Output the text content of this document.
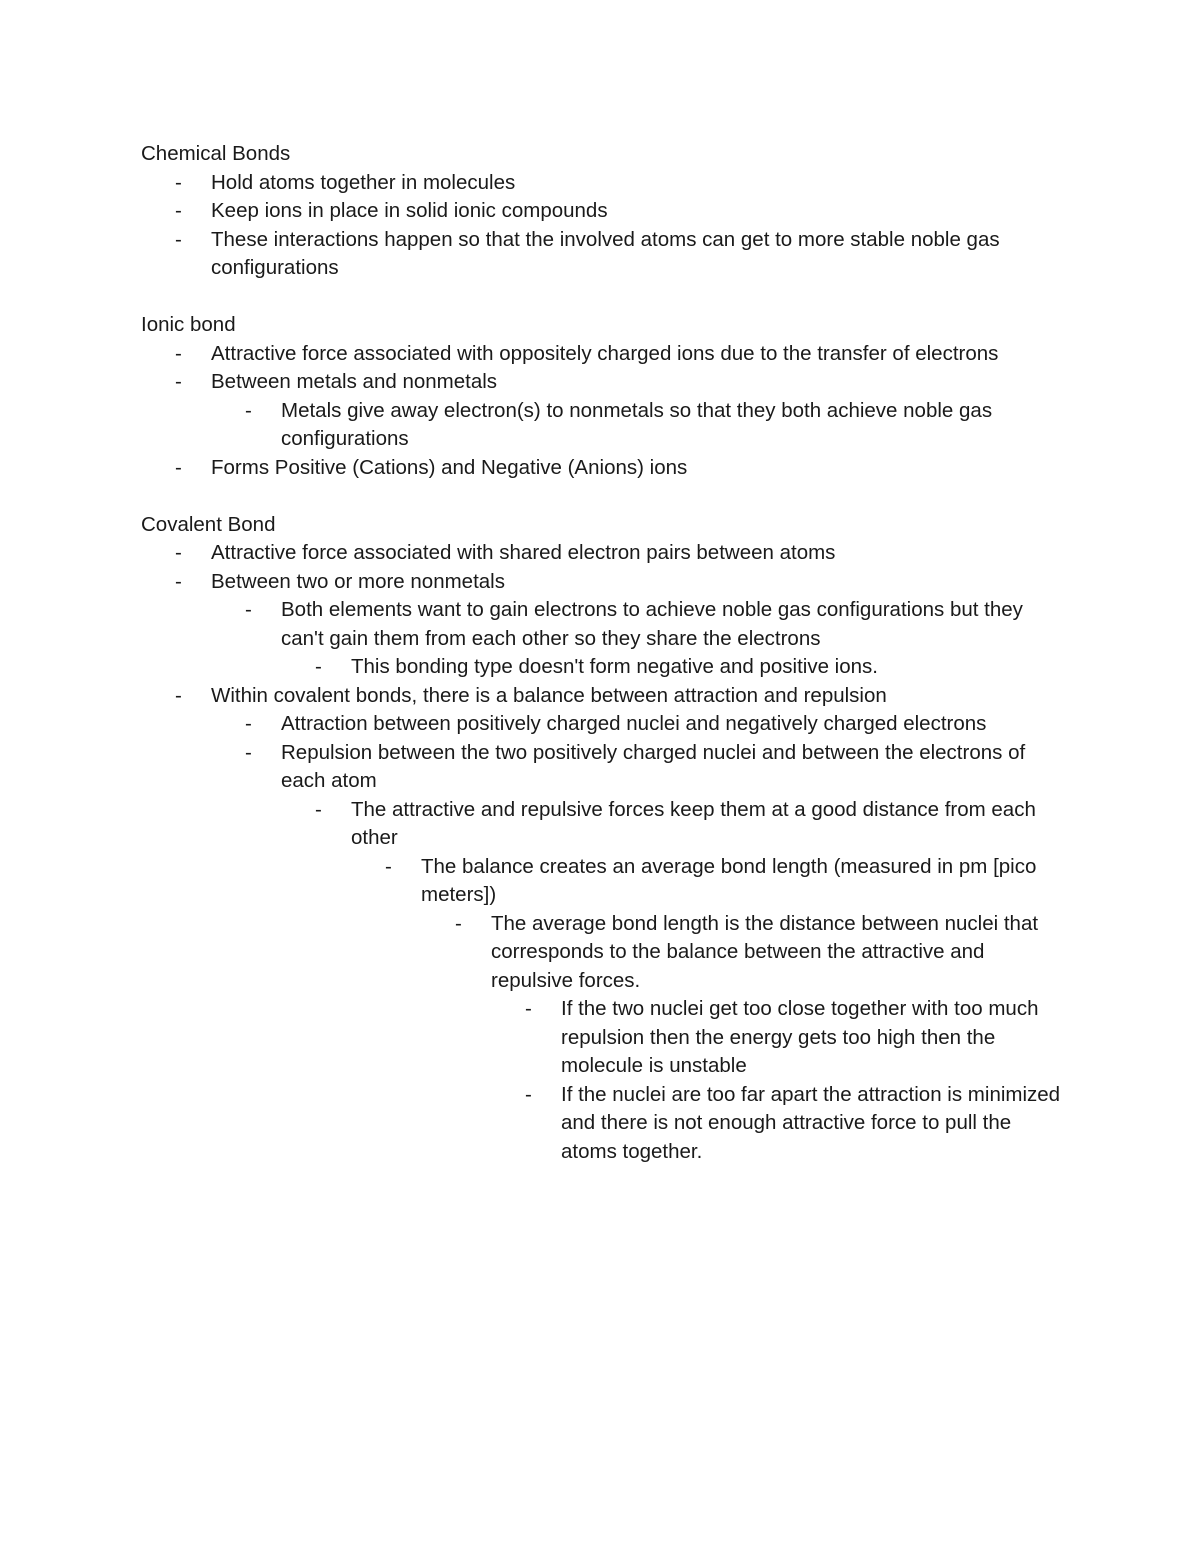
Chemical Bonds
- Hold atoms together in molecules
- Keep ions in place in solid ionic compounds
- These interactions happen so that the involved atoms can get to more stable noble gas configurations
Ionic bond
- Attractive force associated with oppositely charged ions due to the transfer of electrons
- Between metals and nonmetals
- Metals give away electron(s) to nonmetals so that they both achieve noble gas configurations
- Forms Positive (Cations) and Negative (Anions) ions
Covalent Bond
- Attractive force associated with shared electron pairs between atoms
- Between two or more nonmetals
- Both elements want to gain electrons to achieve noble gas configurations but they can't gain them from each other so they share the electrons
- This bonding type doesn't form negative and positive ions.
- Within covalent bonds, there is a balance between attraction and repulsion
- Attraction between positively charged nuclei and negatively charged electrons
- Repulsion between the two positively charged nuclei and between the electrons of each atom
- The attractive and repulsive forces keep them at a good distance from each other
- The balance creates an average bond length (measured in pm [pico meters])
- The average bond length is the distance between nuclei that corresponds to the balance between the attractive and repulsive forces.
- If the two nuclei get too close together with too much repulsion then the energy gets too high then the molecule is unstable
- If the nuclei are too far apart the attraction is minimized and there is not enough attractive force to pull the atoms together.
